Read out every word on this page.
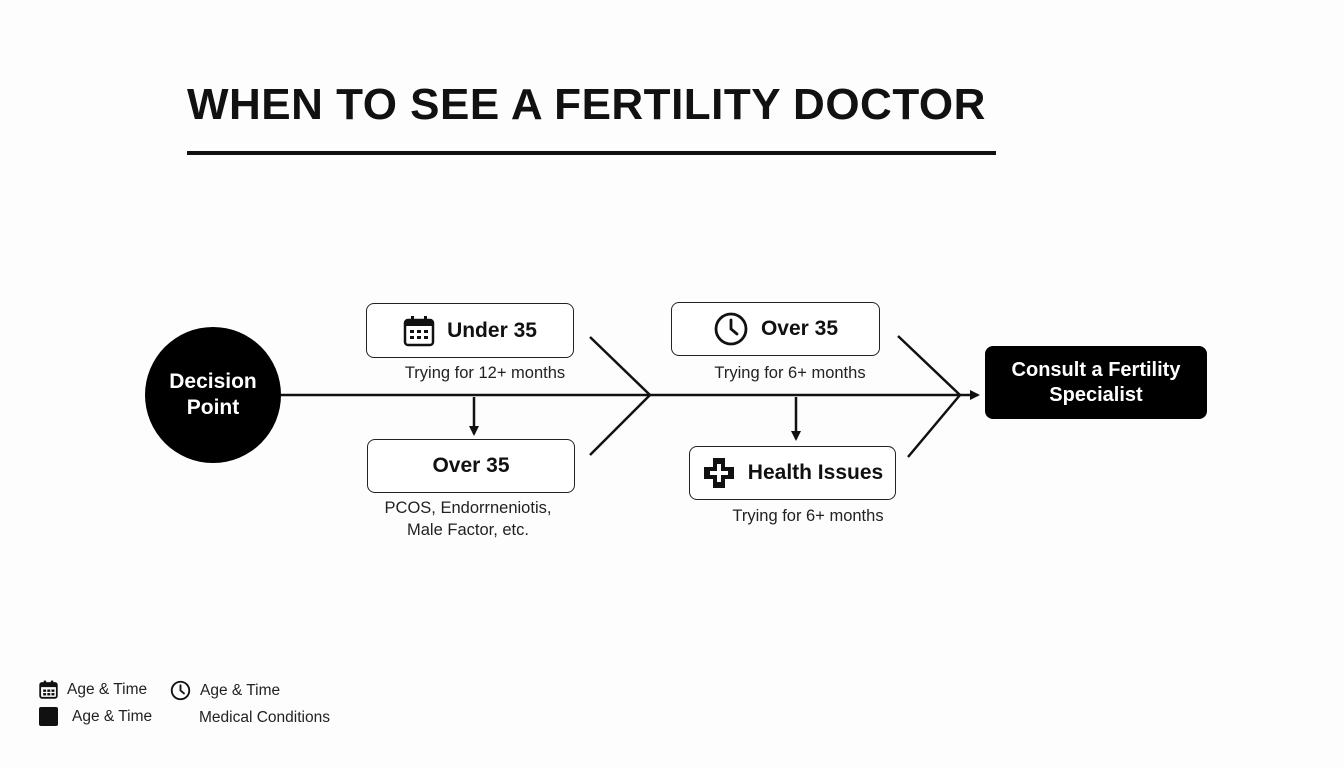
WHEN TO SEE A FERTILITY DOCTOR
Decision
Point
Under 35
Trying for 12+ months
Over 35
PCOS, Endorrneniotis,
Male Factor, etc.
Over 35
Trying for 6+ months
Health Issues
Trying for 6+ months
Consult a Fertility
Specialist
Age & Time	Age & Time
Age & Time	Medical Conditions
